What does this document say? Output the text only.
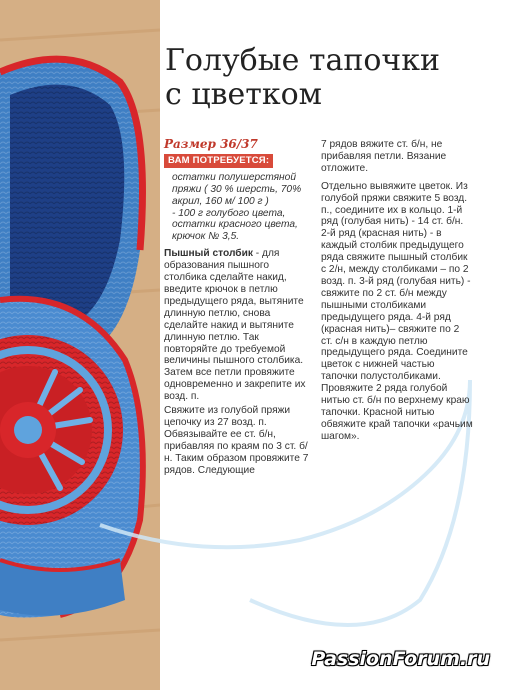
Голубые тапочки
с цветком
Размер 36/37
ВАМ ПОТРЕБУЕТСЯ:

остатки полушерстяной пряжи ( 30 % шерсть, 70% акрил, 160 м/ 100 г )

- 100 г голубого цвета, остатки красного цвета, крючок № 3,5.

Пышный столбик - для образования пышного столбика сделайте накид, введите крючок в петлю предыдущего ряда, вытяните длинную петлю, снова сделайте накид и вытяните длинную петлю. Так повторяйте до требуемой величины пышного столбика. Затем все петли провяжите одновременно и закрепите их возд. п.

Свяжите из голубой пряжи цепочку из 27 возд. п. Обвязывайте ее ст. б/н, прибавляя по краям по 3 ст. б/н. Таким образом провяжите 7 рядов. Следующие

7 рядов вяжите ст. б/н, не прибавляя петли. Вязание отложите.

Отдельно вывяжите цветок. Из голубой пряжи свяжите 5 возд. п., соедините их в кольцо. 1-й ряд (голубая нить) - 14 ст. б/н. 2-й ряд (красная нить) - в каждый столбик предыдущего ряда свяжите пышный столбик с 2/н, между столбиками – по 2 возд. п. 3-й ряд (голубая нить) - свяжите по 2 ст. б/н между пышными столбиками предыдущего ряда. 4-й ряд (красная нить)– свяжите по 2 ст. с/н в каждую петлю предыдущего ряда. Соедините цветок с нижней частью тапочки полустолбиками. Провяжите 2 ряда голубой нитью ст. б/н по верхнему краю тапочки. Красной нитью обвяжите край тапочки «рачьим шагом».

PassionForum.ru
